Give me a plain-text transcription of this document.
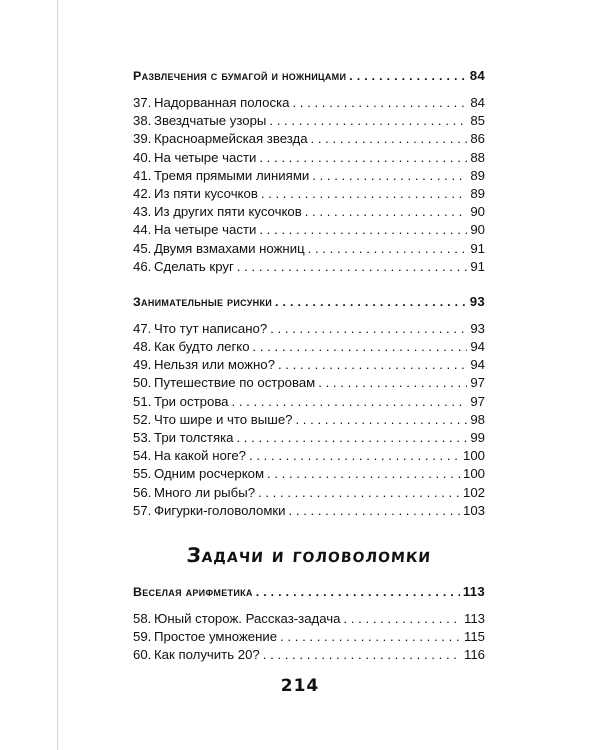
Развлечения с бумагой и ножницами . . .	84
37. Надорванная полоска . . .	84
38. Звездчатые узоры . . .	85
39. Красноармейская звезда . . .	86
40. На четыре части . . .	88
41. Тремя прямыми линиями . . .	89
42. Из пяти кусочков . . .	89
43. Из других пяти кусочков . . .	90
44. На четыре части . . .	90
45. Двумя взмахами ножниц . . .	91
46. Сделать круг . . .	91
Занимательные рисунки . . .	93
47. Что тут написано? . . .	93
48. Как будто легко . . .	94
49. Нельзя или можно? . . .	94
50. Путешествие по островам . . .	97
51. Три острова . . .	97
52. Что шире и что выше? . . .	98
53. Три толстяка . . .	99
54. На какой ноге? . . .	100
55. Одним росчерком . . .	100
56. Много ли рыбы? . . .	102
57. Фигурки-головоломки . . .	103
Задачи и головоломки
Веселая арифметика . . .	113
58. Юный сторож. Рассказ-задача . . .	113
59. Простое умножение . . .	115
60. Как получить 20? . . .	116
214
